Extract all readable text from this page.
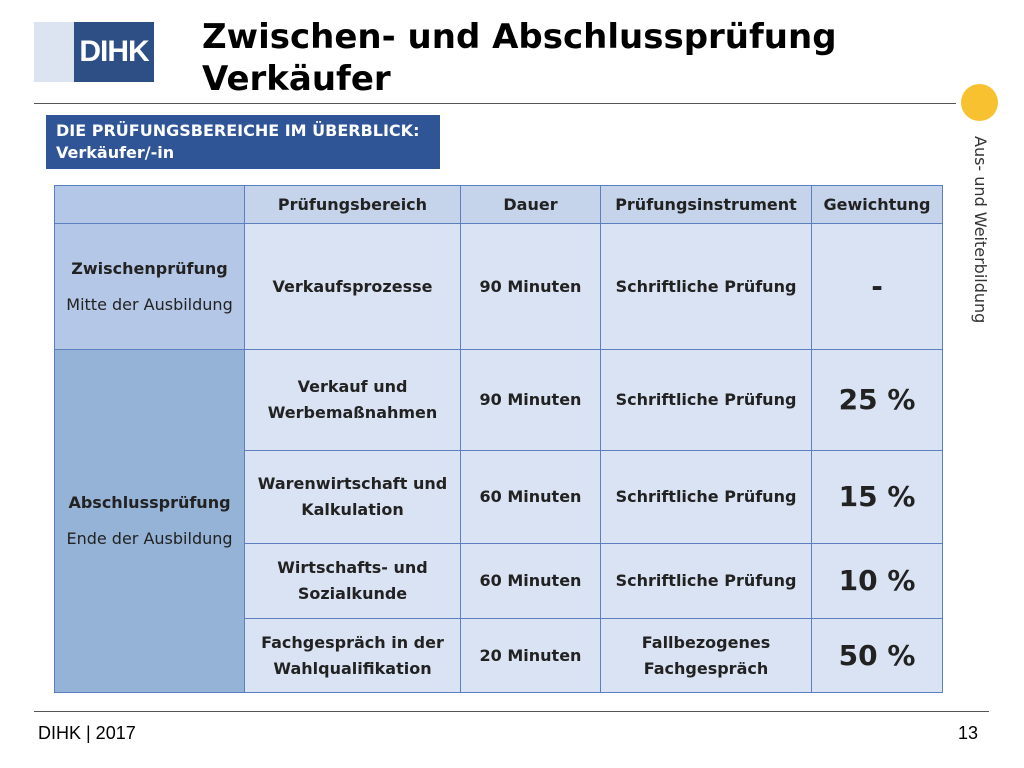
DIHK Zwischen- und Abschlussprüfung
Verkäufer
Aus- und Weiterbildung
DIE PRÜFUNGSBEREICHE IM ÜBERBLICK:
Verkäufer/-in
	Prüfungsbereich	Dauer	Prüfungsinstrument	Gewichtung

Zwischenprüfung
Mitte der Ausbildung	Verkaufsprozesse	90 Minuten	Schriftliche Prüfung	-

Abschlussprüfung
Ende der Ausbildung	Verkauf und Werbemaßnahmen	90 Minuten	Schriftliche Prüfung	25 %
	Warenwirtschaft und Kalkulation	60 Minuten	Schriftliche Prüfung	15 %
	Wirtschafts- und Sozialkunde	60 Minuten	Schriftliche Prüfung	10 %
	Fachgespräch in der Wahlqualifikation	20 Minuten	Fallbezogenes Fachgespräch	50 %
DIHK | 2017	13
